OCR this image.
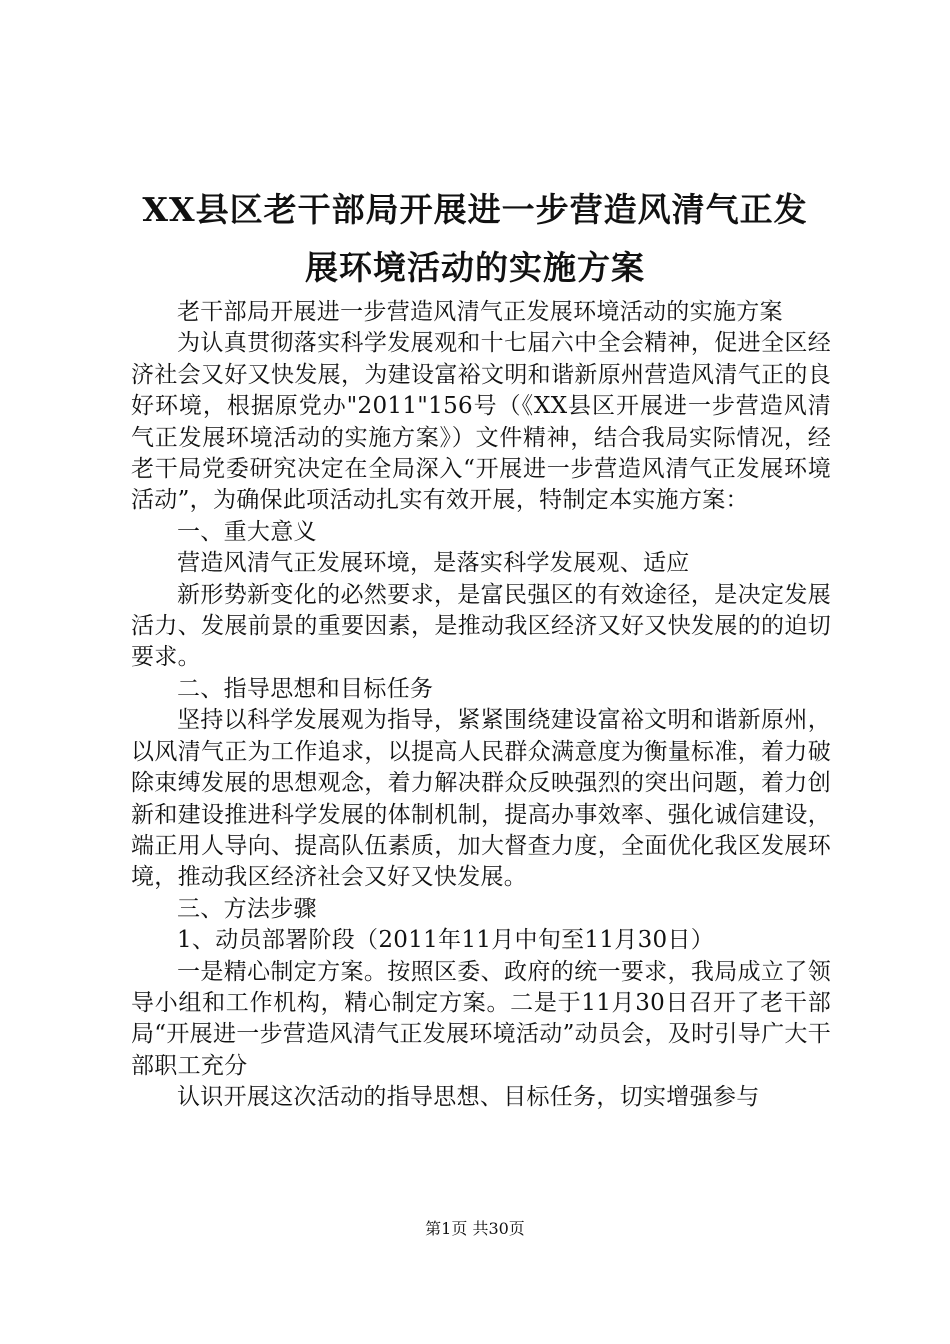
XX县区老干部局开展进一步营造风清气正发
展环境活动的实施方案

老干部局开展进一步营造风清气正发展环境活动的实施方案

为认真贯彻落实科学发展观和十七届六中全会精神，促进全区经济社会又好又快发展，为建设富裕文明和谐新原州营造风清气正的良好环境，根据原党办"2011"156号（《XX县区开展进一步营造风清气正发展环境活动的实施方案》）文件精神，结合我局实际情况，经老干局党委研究决定在全局深入“开展进一步营造风清气正发展环境活动”，为确保此项活动扎实有效开展，特制定本实施方案：

一、重大意义

营造风清气正发展环境，是落实科学发展观、适应

新形势新变化的必然要求，是富民强区的有效途径，是决定发展活力、发展前景的重要因素，是推动我区经济又好又快发展的的迫切要求。

二、指导思想和目标任务

坚持以科学发展观为指导，紧紧围绕建设富裕文明和谐新原州，以风清气正为工作追求，以提高人民群众满意度为衡量标准，着力破除束缚发展的思想观念，着力解决群众反映强烈的突出问题，着力创新和建设推进科学发展的体制机制，提高办事效率、强化诚信建设，端正用人导向、提高队伍素质，加大督查力度，全面优化我区发展环境，推动我区经济社会又好又快发展。

三、方法步骤

1、动员部署阶段（2011年11月中旬至11月30日）

一是精心制定方案。按照区委、政府的统一要求，我局成立了领导小组和工作机构，精心制定方案。二是于11月30日召开了老干部局“开展进一步营造风清气正发展环境活动”动员会，及时引导广大干部职工充分

认识开展这次活动的指导思想、目标任务，切实增强参与

第1页 共30页
